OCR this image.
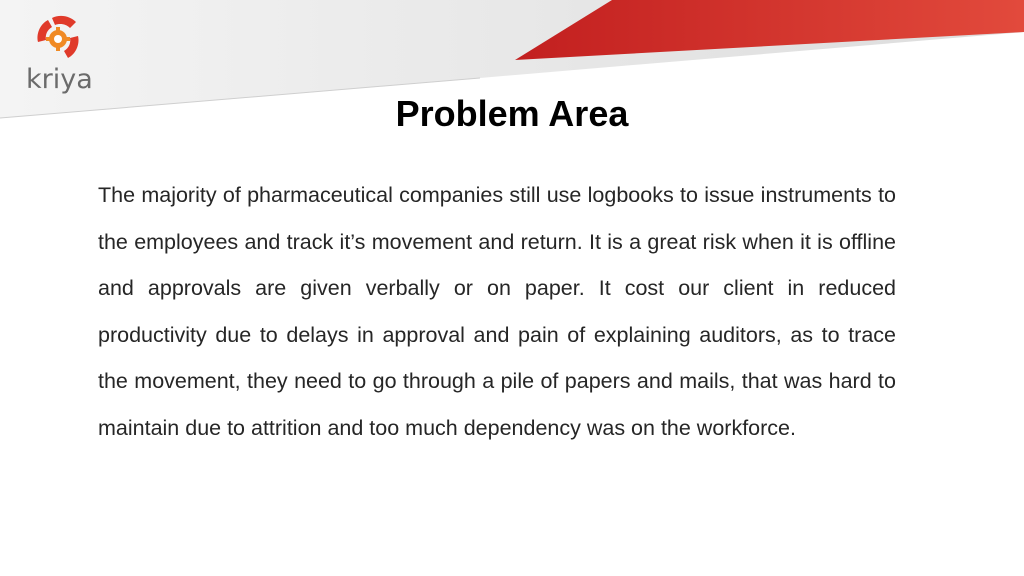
kriya
Problem Area

The majority of pharmaceutical companies still use logbooks to issue instruments to the employees and track it’s movement and return. It is a great risk when it is offline and approvals are given verbally or on paper. It cost our client in reduced productivity due to delays in approval and pain of explaining auditors, as to trace the movement, they need to go through a pile of papers and mails, that was hard to maintain due to attrition and too much dependency was on the workforce.
